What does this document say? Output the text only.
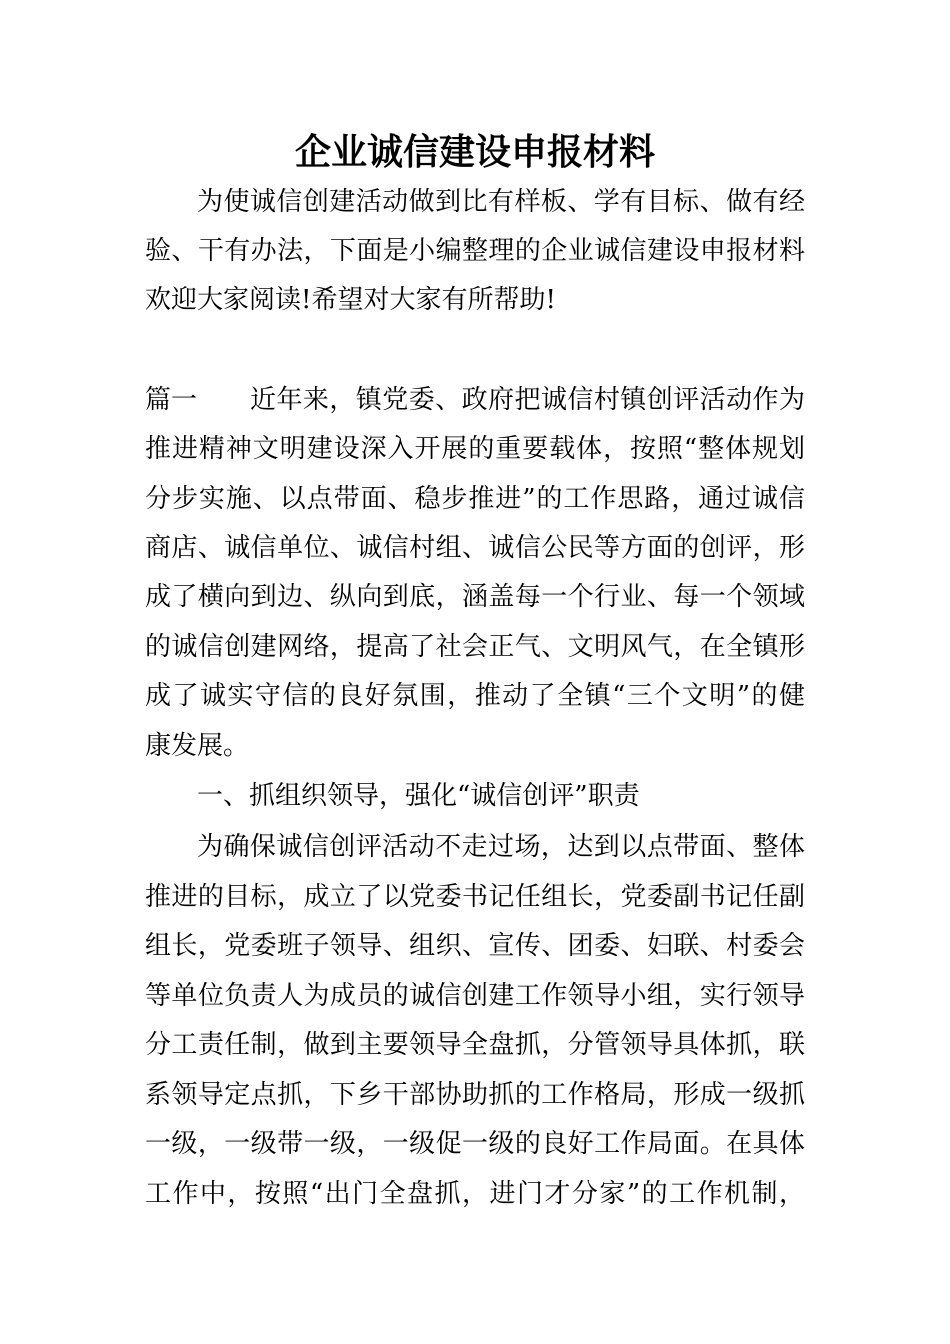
企业诚信建设申报材料

为使诚信创建活动做到比有样板、学有目标、做有经

验、干有办法，下面是小编整理的企业诚信建设申报材料

欢迎大家阅读!希望对大家有所帮助!

篇一 近年来，镇党委、政府把诚信村镇创评活动作为

推进精神文明建设深入开展的重要载体，按照“整体规划

分步实施、以点带面、稳步推进”的工作思路，通过诚信

商店、诚信单位、诚信村组、诚信公民等方面的创评，形

成了横向到边、纵向到底，涵盖每一个行业、每一个领域

的诚信创建网络，提高了社会正气、文明风气，在全镇形

成了诚实守信的良好氛围，推动了全镇“三个文明”的健

康发展。

一、抓组织领导，强化“诚信创评”职责

为确保诚信创评活动不走过场，达到以点带面、整体

推进的目标，成立了以党委书记任组长，党委副书记任副

组长，党委班子领导、组织、宣传、团委、妇联、村委会

等单位负责人为成员的诚信创建工作领导小组，实行领导

分工责任制，做到主要领导全盘抓，分管领导具体抓，联

系领导定点抓，下乡干部协助抓的工作格局，形成一级抓

一级，一级带一级，一级促一级的良好工作局面。在具体

工作中，按照“出门全盘抓，进门才分家”的工作机制，
